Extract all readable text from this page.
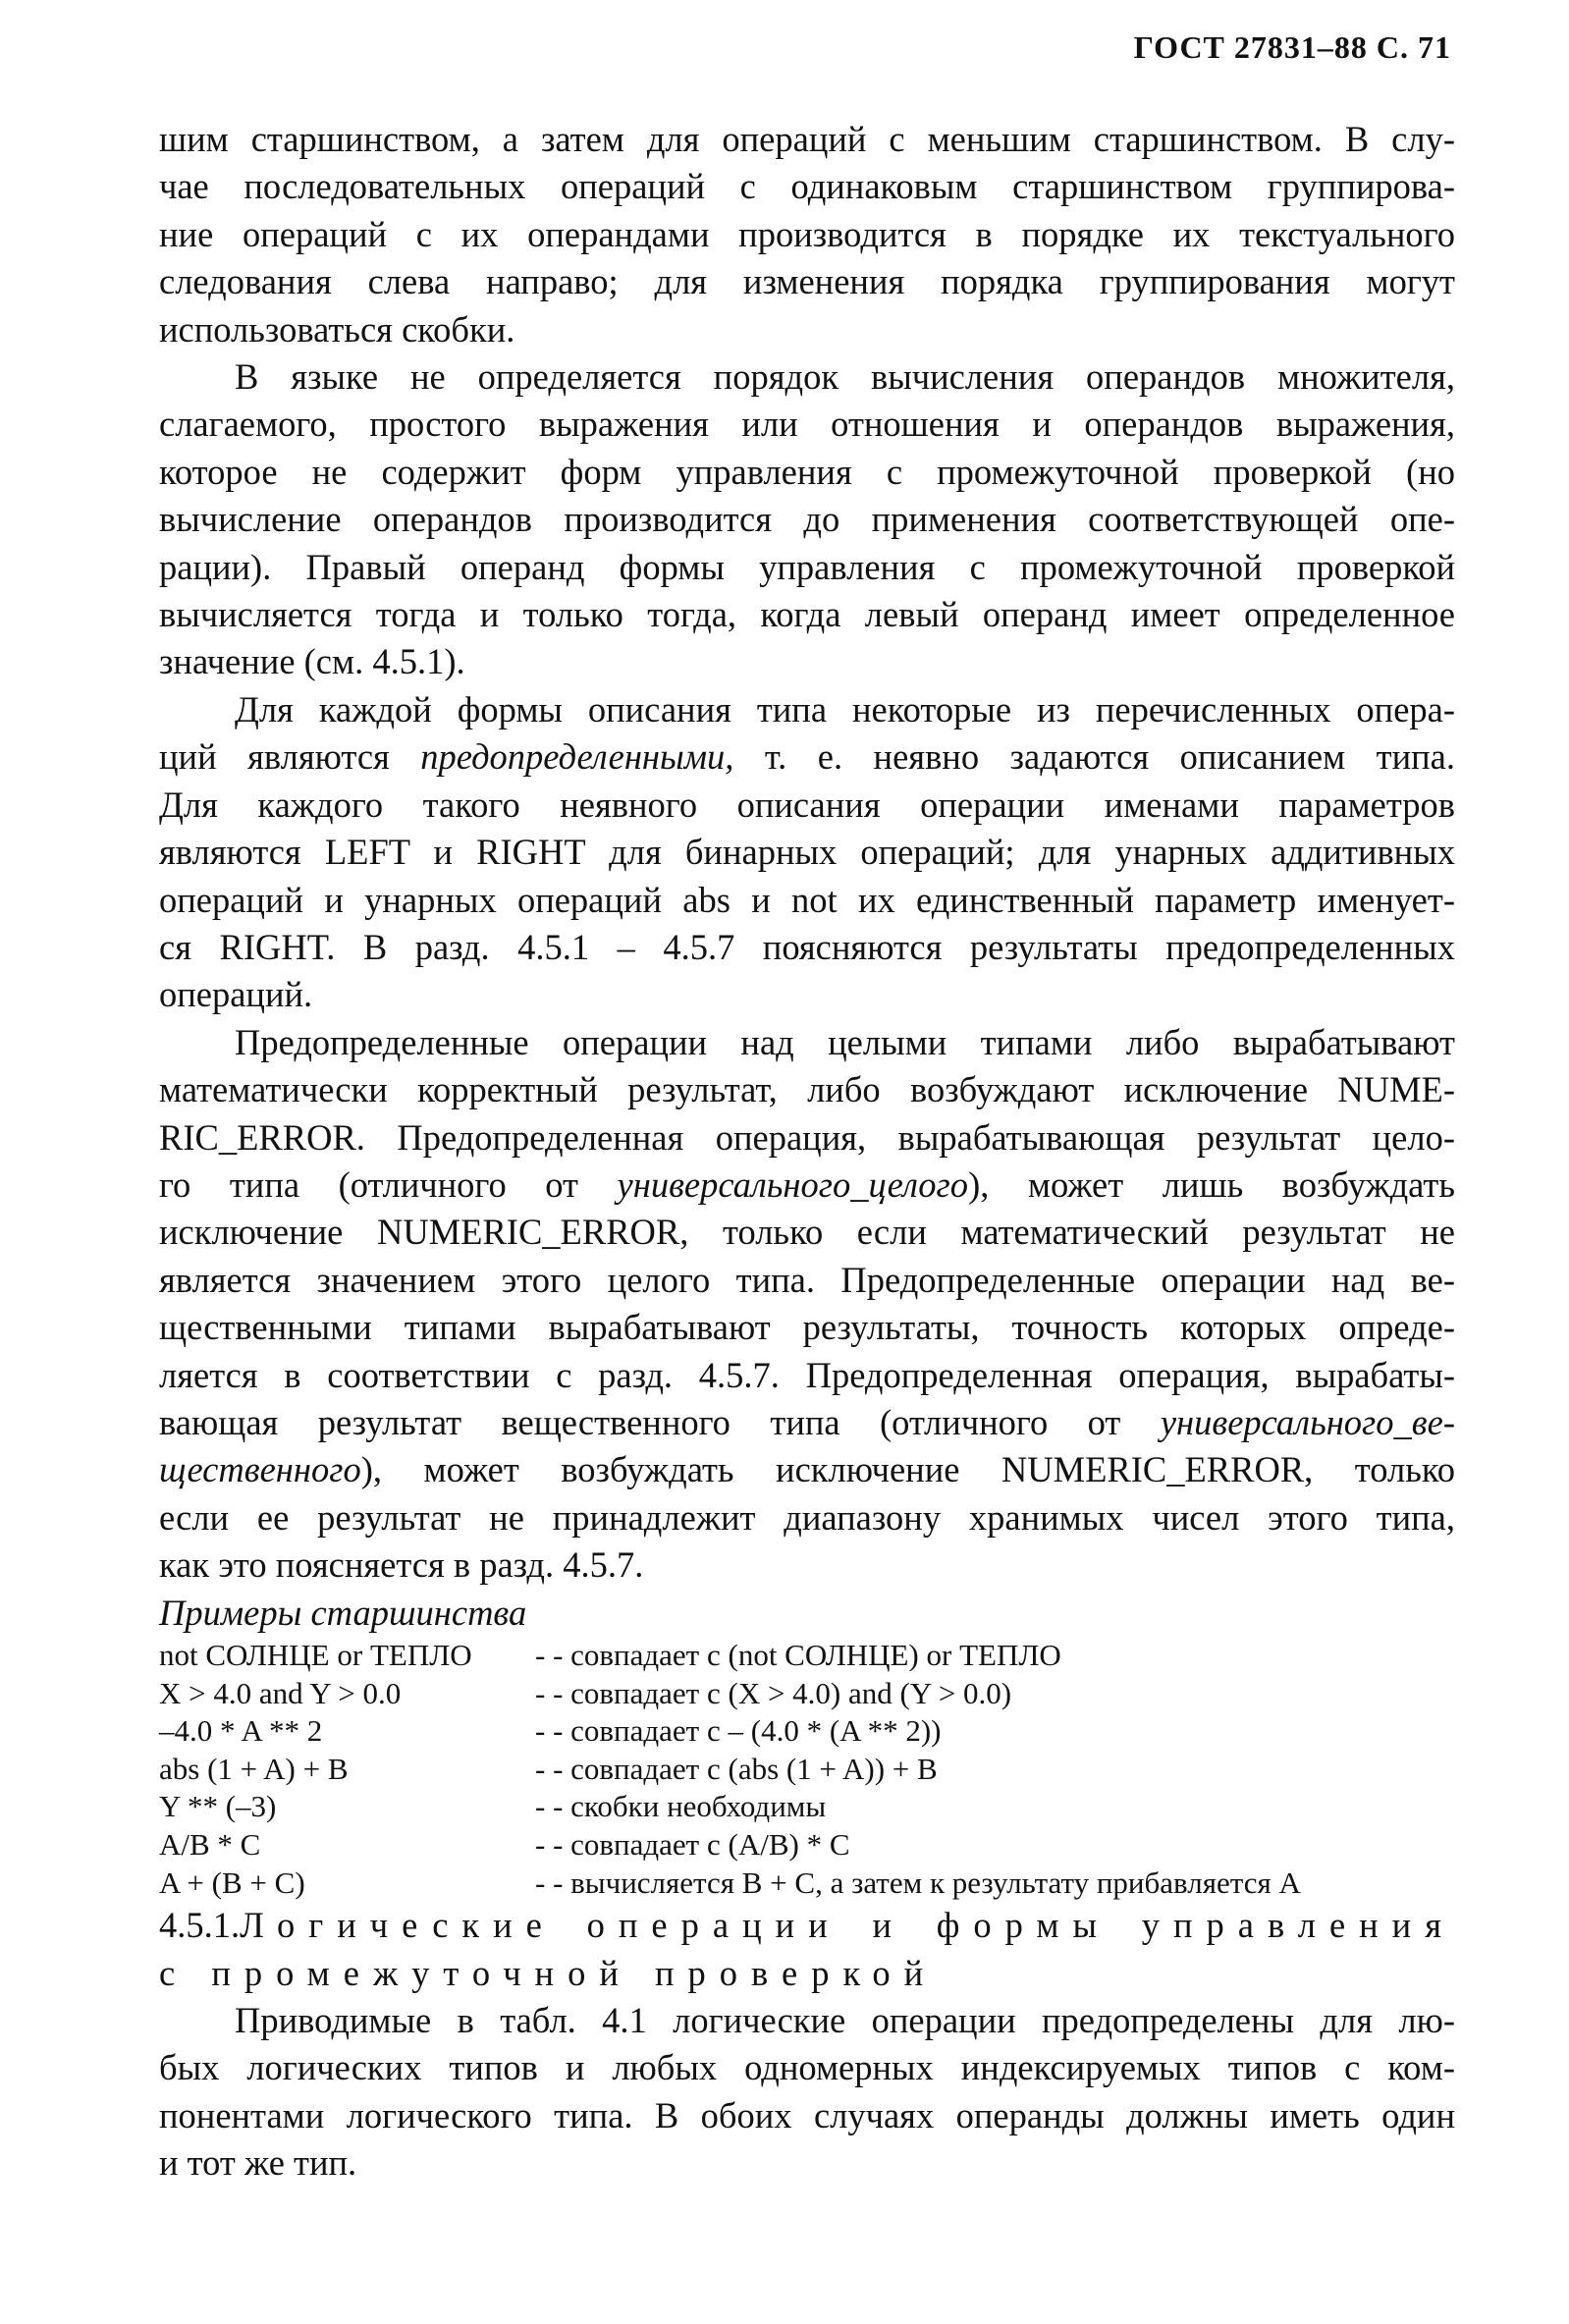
ГОСТ 27831–88 С. 71
шим старшинством, а затем для операций с меньшим старшинством. В слу-
чае последовательных операций с одинаковым старшинством группирова-
ние операций с их операндами производится в порядке их текстуального
следования слева направо; для изменения порядка группирования могут
использоваться скобки.
В языке не определяется порядок вычисления операндов множителя,
слагаемого, простого выражения или отношения и операндов выражения,
которое не содержит форм управления с промежуточной проверкой (но
вычисление операндов производится до применения соответствующей опе-
рации). Правый операнд формы управления с промежуточной проверкой
вычисляется тогда и только тогда, когда левый операнд имеет определенное
значение (см. 4.5.1).
Для каждой формы описания типа некоторые из перечисленных опера-
ций являются предопределенными, т. е. неявно задаются описанием типа.
Для каждого такого неявного описания операции именами параметров
являются LEFT и RIGHT для бинарных операций; для унарных аддитивных
операций и унарных операций abs и not их единственный параметр именует-
ся RIGHT. В разд. 4.5.1 – 4.5.7 поясняются результаты предопределенных
операций.
Предопределенные операции над целыми типами либо вырабатывают
математически корректный результат, либо возбуждают исключение NUME-
RIC_ERROR. Предопределенная операция, вырабатывающая результат цело-
го типа (отличного от универсального_целого), может лишь возбуждать
исключение NUMERIC_ERROR, только если математический результат не
является значением этого целого типа. Предопределенные операции над ве-
щественными типами вырабатывают результаты, точность которых опреде-
ляется в соответствии с разд. 4.5.7. Предопределенная операция, вырабаты-
вающая результат вещественного типа (отличного от универсального_ве-
щественного), может возбуждать исключение NUMERIC_ERROR, только
если ее результат не принадлежит диапазону хранимых чисел этого типа,
как это поясняется в разд. 4.5.7.
Примеры старшинства
not СОЛНЦЕ or ТЕПЛО - - совпадает с (not СОЛНЦЕ) or ТЕПЛО
X > 4.0 and Y > 0.0	- - совпадает с (X > 4.0) and (Y > 0.0)
–4.0 * A ** 2	- - совпадает с – (4.0 * (A ** 2))
abs (1 + A) + B	- - совпадает с (abs (1 + A)) + B
Y ** (–3)	- - скобки необходимы
A/B * C	- - совпадает с (A/B) * C
A + (B + C)	- - вычисляется B + C, а затем к результату прибавляется A
4.5.1.Логические операции и формы управления
с промежуточной проверкой
Приводимые в табл. 4.1 логические операции предопределены для лю-
бых логических типов и любых одномерных индексируемых типов с ком-
понентами логического типа. В обоих случаях операнды должны иметь один
и тот же тип.
